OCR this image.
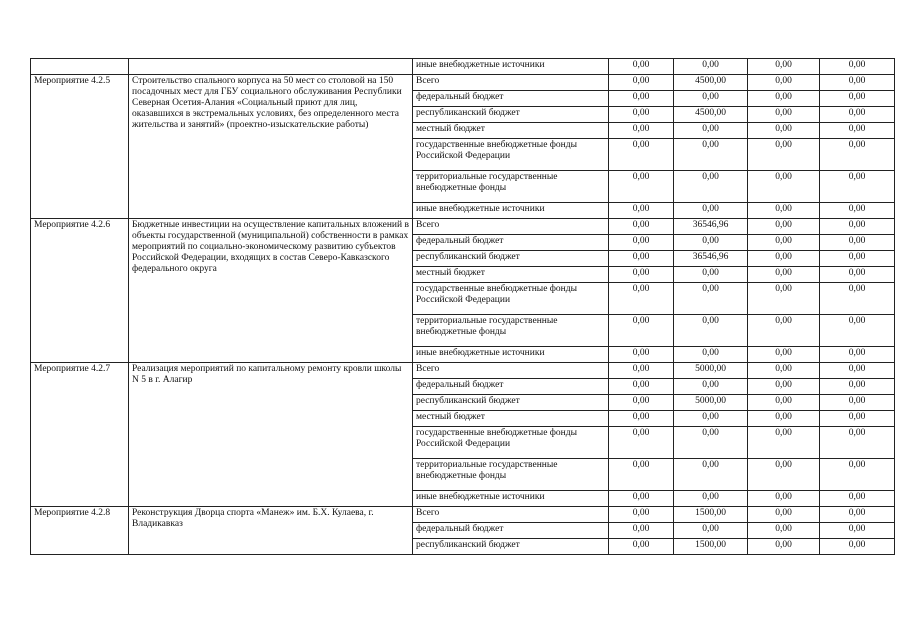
		иные внебюджетные источники	0,00	0,00	0,00	0,00
Мероприятие 4.2.5	Строительство спального корпуса на 50 мест со столовой на 150 посадочных мест для ГБУ социального обслуживания Республики Северная Осетия-Алания «Социальный приют для лиц, оказавшихся в экстремальных условиях, без определенного места жительства и занятий» (проектно-изыскательские работы)	Всего	0,00	4500,00	0,00	0,00
		федеральный бюджет	0,00	0,00	0,00	0,00
		республиканский бюджет	0,00	4500,00	0,00	0,00
		местный бюджет	0,00	0,00	0,00	0,00
		государственные внебюджетные фонды Российской Федерации	0,00	0,00	0,00	0,00
		территориальные государственные внебюджетные фонды	0,00	0,00	0,00	0,00
		иные внебюджетные источники	0,00	0,00	0,00	0,00
Мероприятие 4.2.6	Бюджетные инвестиции на осуществление капитальных вложений в объекты государственной (муниципальной) собственности в рамках мероприятий по социально-экономическому развитию субъектов Российской Федерации, входящих в состав Северо-Кавказского федерального округа	Всего	0,00	36546,96	0,00	0,00
		федеральный бюджет	0,00	0,00	0,00	0,00
		республиканский бюджет	0,00	36546,96	0,00	0,00
		местный бюджет	0,00	0,00	0,00	0,00
		государственные внебюджетные фонды Российской Федерации	0,00	0,00	0,00	0,00
		территориальные государственные внебюджетные фонды	0,00	0,00	0,00	0,00
		иные внебюджетные источники	0,00	0,00	0,00	0,00
Мероприятие 4.2.7	Реализация мероприятий по капитальному ремонту кровли школы N 5 в г. Алагир	Всего	0,00	5000,00	0,00	0,00
		федеральный бюджет	0,00	0,00	0,00	0,00
		республиканский бюджет	0,00	5000,00	0,00	0,00
		местный бюджет	0,00	0,00	0,00	0,00
		государственные внебюджетные фонды Российской Федерации	0,00	0,00	0,00	0,00
		территориальные государственные внебюджетные фонды	0,00	0,00	0,00	0,00
		иные внебюджетные источники	0,00	0,00	0,00	0,00
Мероприятие 4.2.8	Реконструкция Дворца спорта «Манеж» им. Б.Х. Кулаева, г. Владикавказ	Всего	0,00	1500,00	0,00	0,00
		федеральный бюджет	0,00	0,00	0,00	0,00
		республиканский бюджет	0,00	1500,00	0,00	0,00
